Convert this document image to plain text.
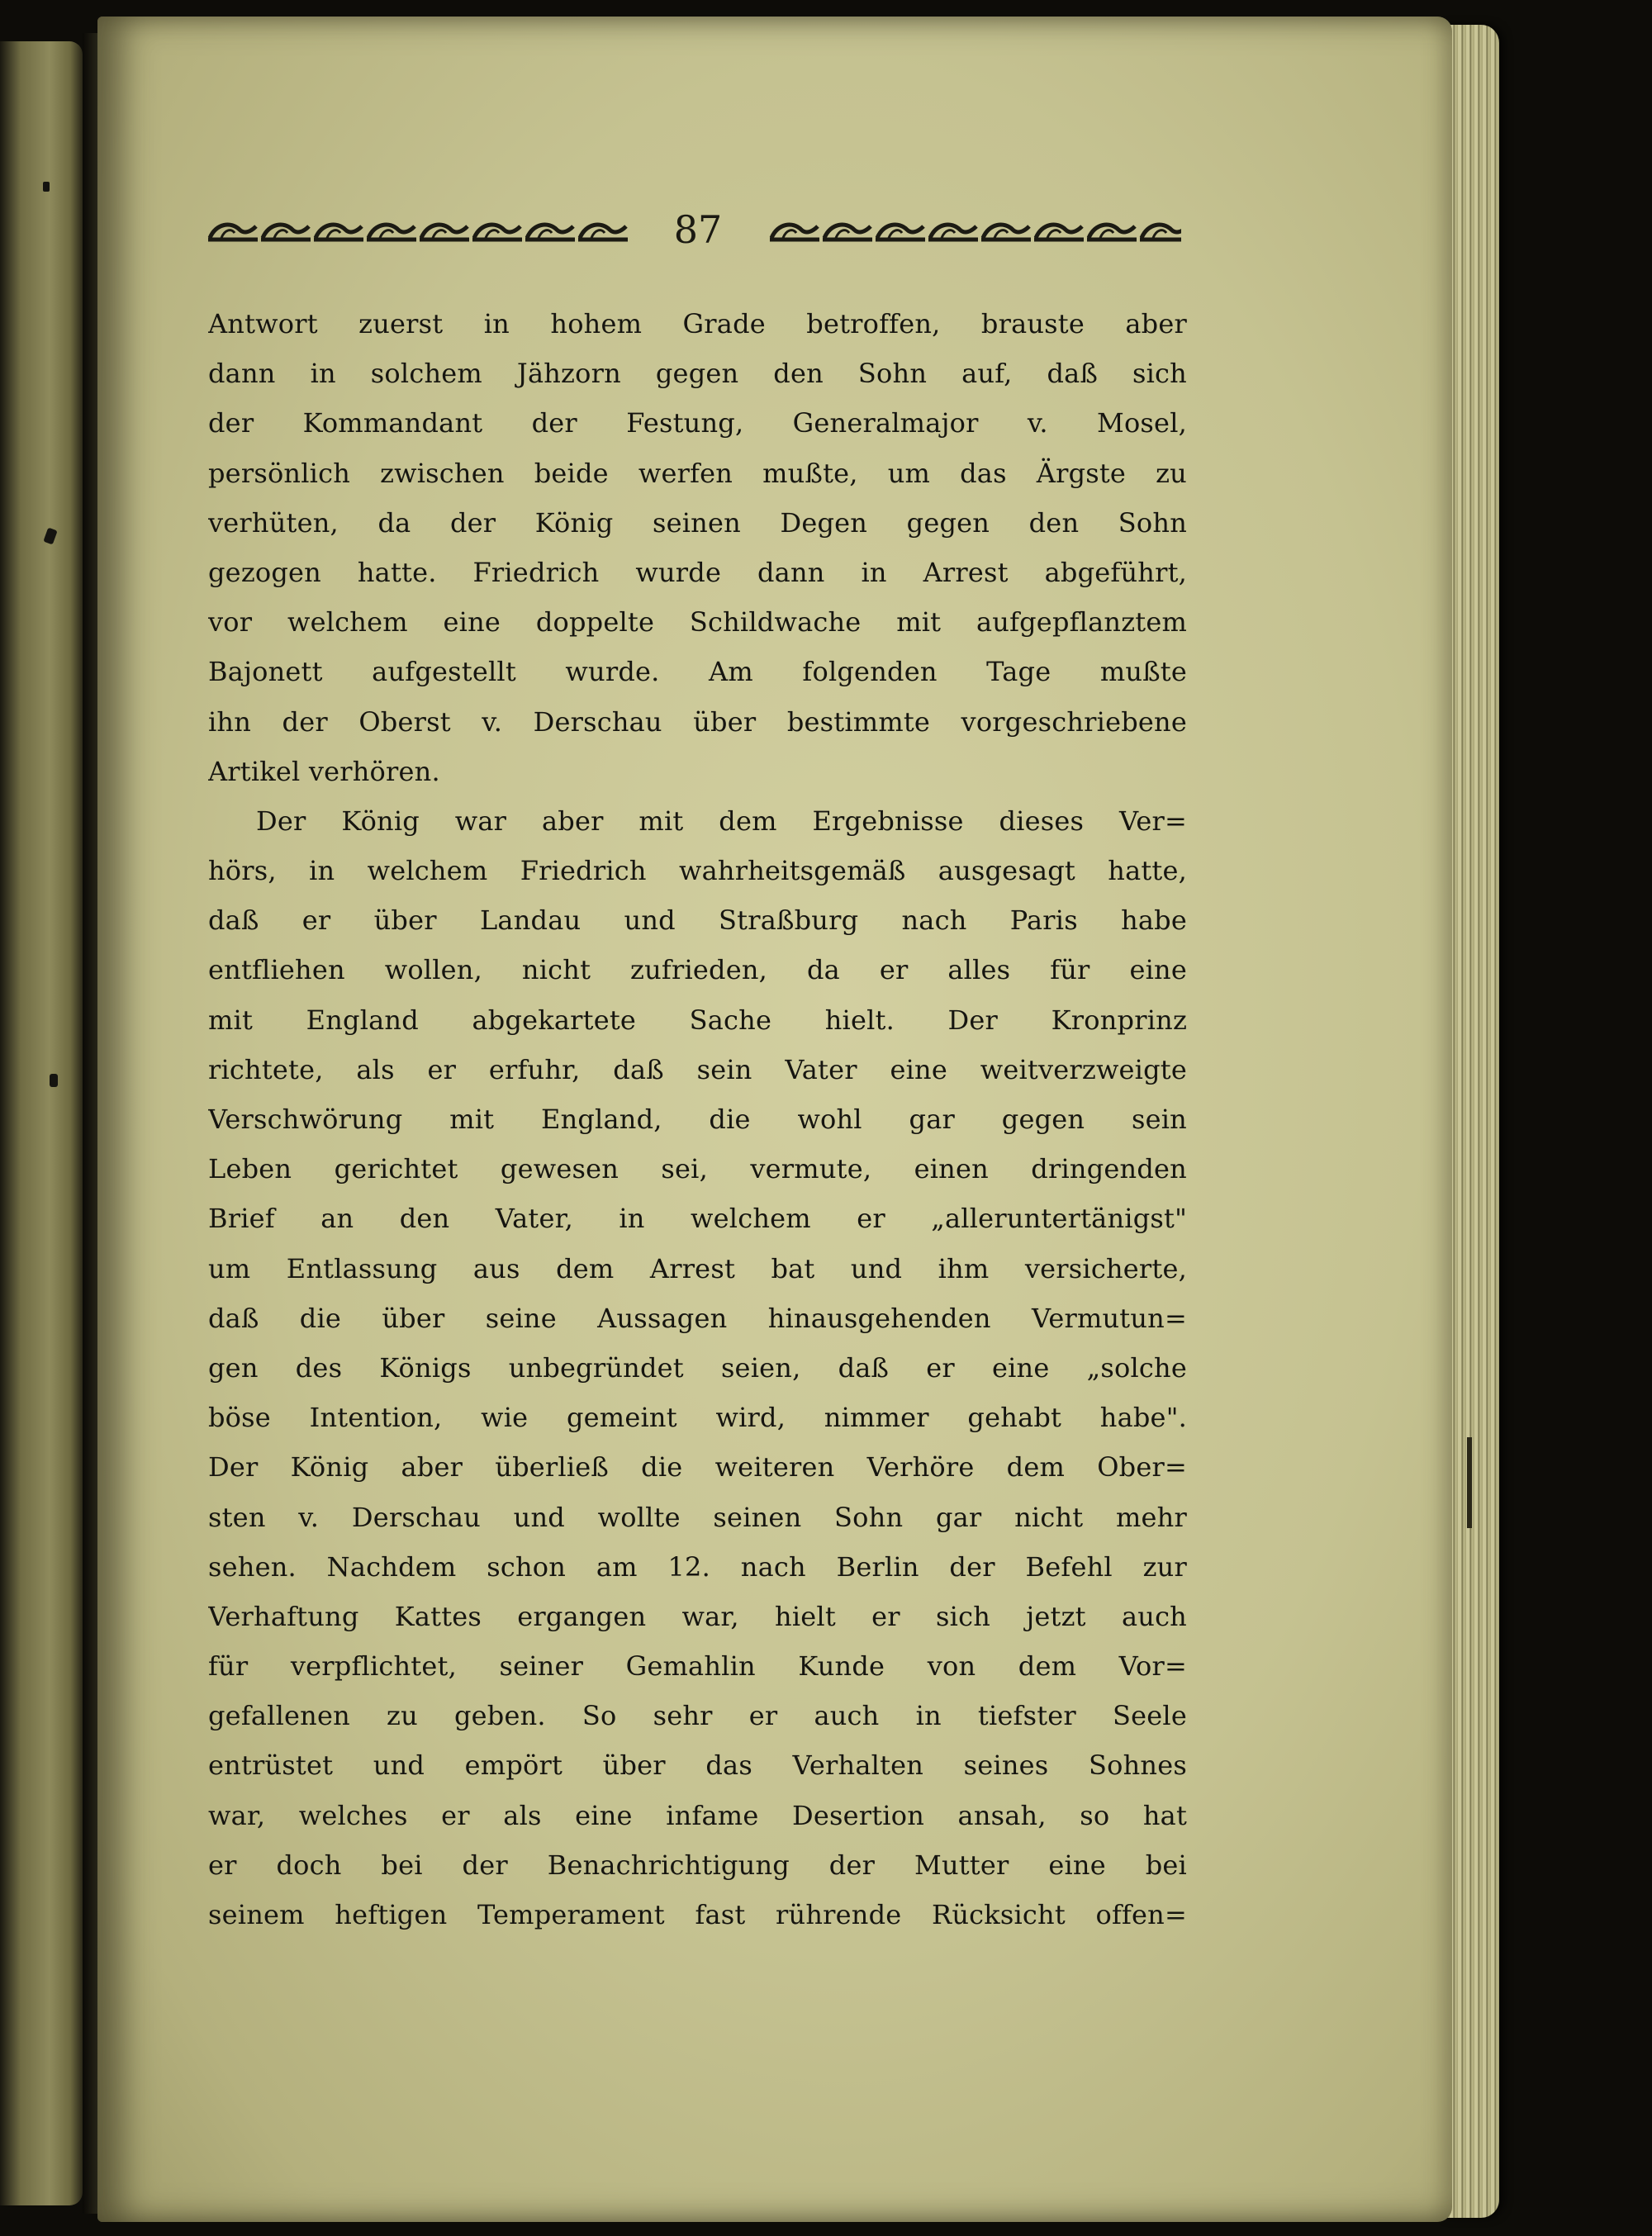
87
Antwort zuerst in hohem Grade betroffen, brauste aber
dann in solchem Jähzorn gegen den Sohn auf, daß sich
der Kommandant der Festung, Generalmajor v. Mosel,
persönlich zwischen beide werfen mußte, um das Ärgste zu
verhüten, da der König seinen Degen gegen den Sohn
gezogen hatte. Friedrich wurde dann in Arrest abgeführt,
vor welchem eine doppelte Schildwache mit aufgepflanztem
Bajonett aufgestellt wurde. Am folgenden Tage mußte
ihn der Oberst v. Derschau über bestimmte vorgeschriebene
Artikel verhören.
Der König war aber mit dem Ergebnisse dieses Ver=
hörs, in welchem Friedrich wahrheitsgemäß ausgesagt hatte,
daß er über Landau und Straßburg nach Paris habe
entfliehen wollen, nicht zufrieden, da er alles für eine
mit England abgekartete Sache hielt. Der Kronprinz
richtete, als er erfuhr, daß sein Vater eine weitverzweigte
Verschwörung mit England, die wohl gar gegen sein
Leben gerichtet gewesen sei, vermute, einen dringenden
Brief an den Vater, in welchem er „alleruntertänigst"
um Entlassung aus dem Arrest bat und ihm versicherte,
daß die über seine Aussagen hinausgehenden Vermutun=
gen des Königs unbegründet seien, daß er eine „solche
böse Intention, wie gemeint wird, nimmer gehabt habe".
Der König aber überließ die weiteren Verhöre dem Ober=
sten v. Derschau und wollte seinen Sohn gar nicht mehr
sehen. Nachdem schon am 12. nach Berlin der Befehl zur
Verhaftung Kattes ergangen war, hielt er sich jetzt auch
für verpflichtet, seiner Gemahlin Kunde von dem Vor=
gefallenen zu geben. So sehr er auch in tiefster Seele
entrüstet und empört über das Verhalten seines Sohnes
war, welches er als eine infame Desertion ansah, so hat
er doch bei der Benachrichtigung der Mutter eine bei
seinem heftigen Temperament fast rührende Rücksicht offen=
